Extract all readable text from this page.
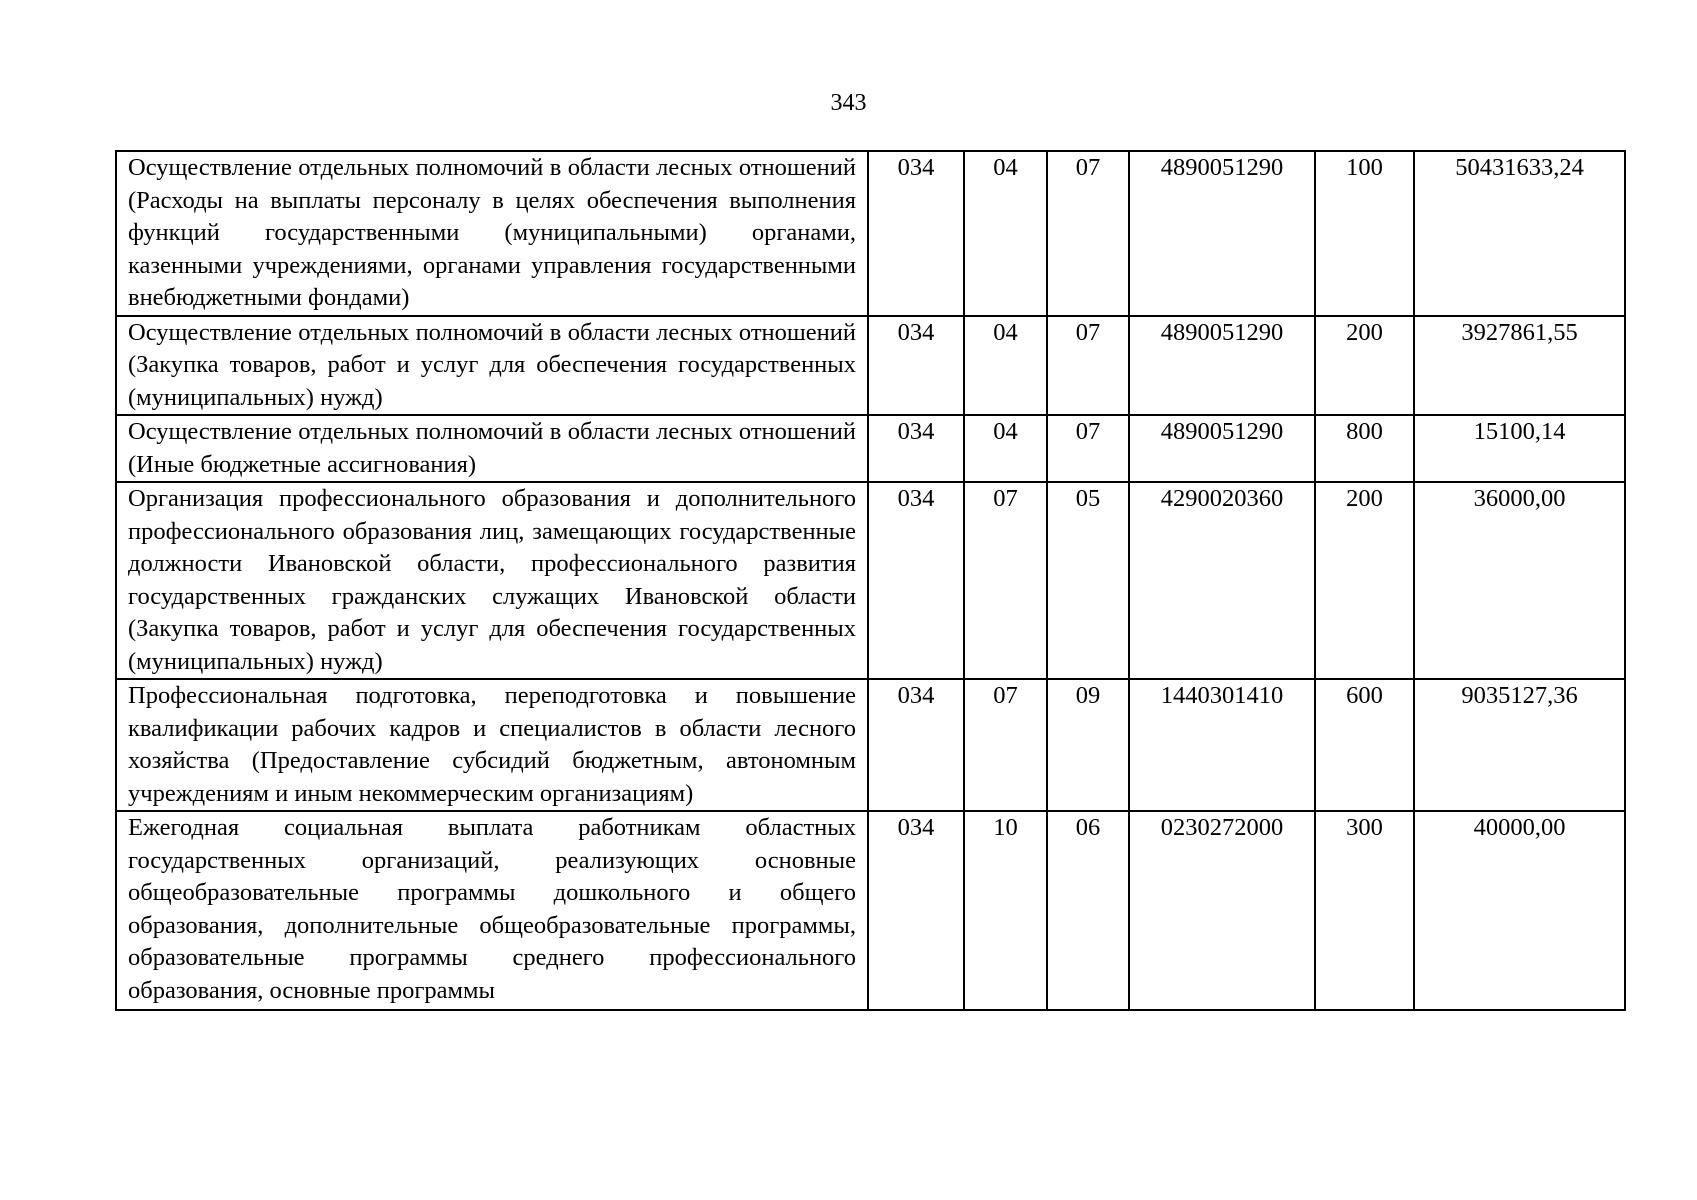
343
Осуществление отдельных полномочий в области лесных отношений (Расходы на выплаты персоналу в целях обеспечения выполнения функций государственными (муниципальными) органами, казенными учреждениями, органами управления государственными внебюджетными фондами)	034	04	07	4890051290	100	50431633,24
Осуществление отдельных полномочий в области лесных отношений (Закупка товаров, работ и услуг для обеспечения государственных (муниципальных) нужд)	034	04	07	4890051290	200	3927861,55
Осуществление отдельных полномочий в области лесных отношений (Иные бюджетные ассигнования)	034	04	07	4890051290	800	15100,14
Организация профессионального образования и дополнительного профессионального образования лиц, замещающих государственные должности Ивановской области, профессионального развития государственных гражданских служащих Ивановской области (Закупка товаров, работ и услуг для обеспечения государственных (муниципальных) нужд)	034	07	05	4290020360	200	36000,00
Профессиональная подготовка, переподготовка и повышение квалификации рабочих кадров и специалистов в области лесного хозяйства (Предоставление субсидий бюджетным, автономным учреждениям и иным некоммерческим организациям)	034	07	09	1440301410	600	9035127,36

Ежегодная социальная выплата работникам областных государственных организаций, реализующих основные общеобразовательные программы дошкольного и общего образования, дополнительные общеобразовательные программы, образовательные программы среднего профессионального образования, основные программы	034	10	06	0230272000	300	40000,00
